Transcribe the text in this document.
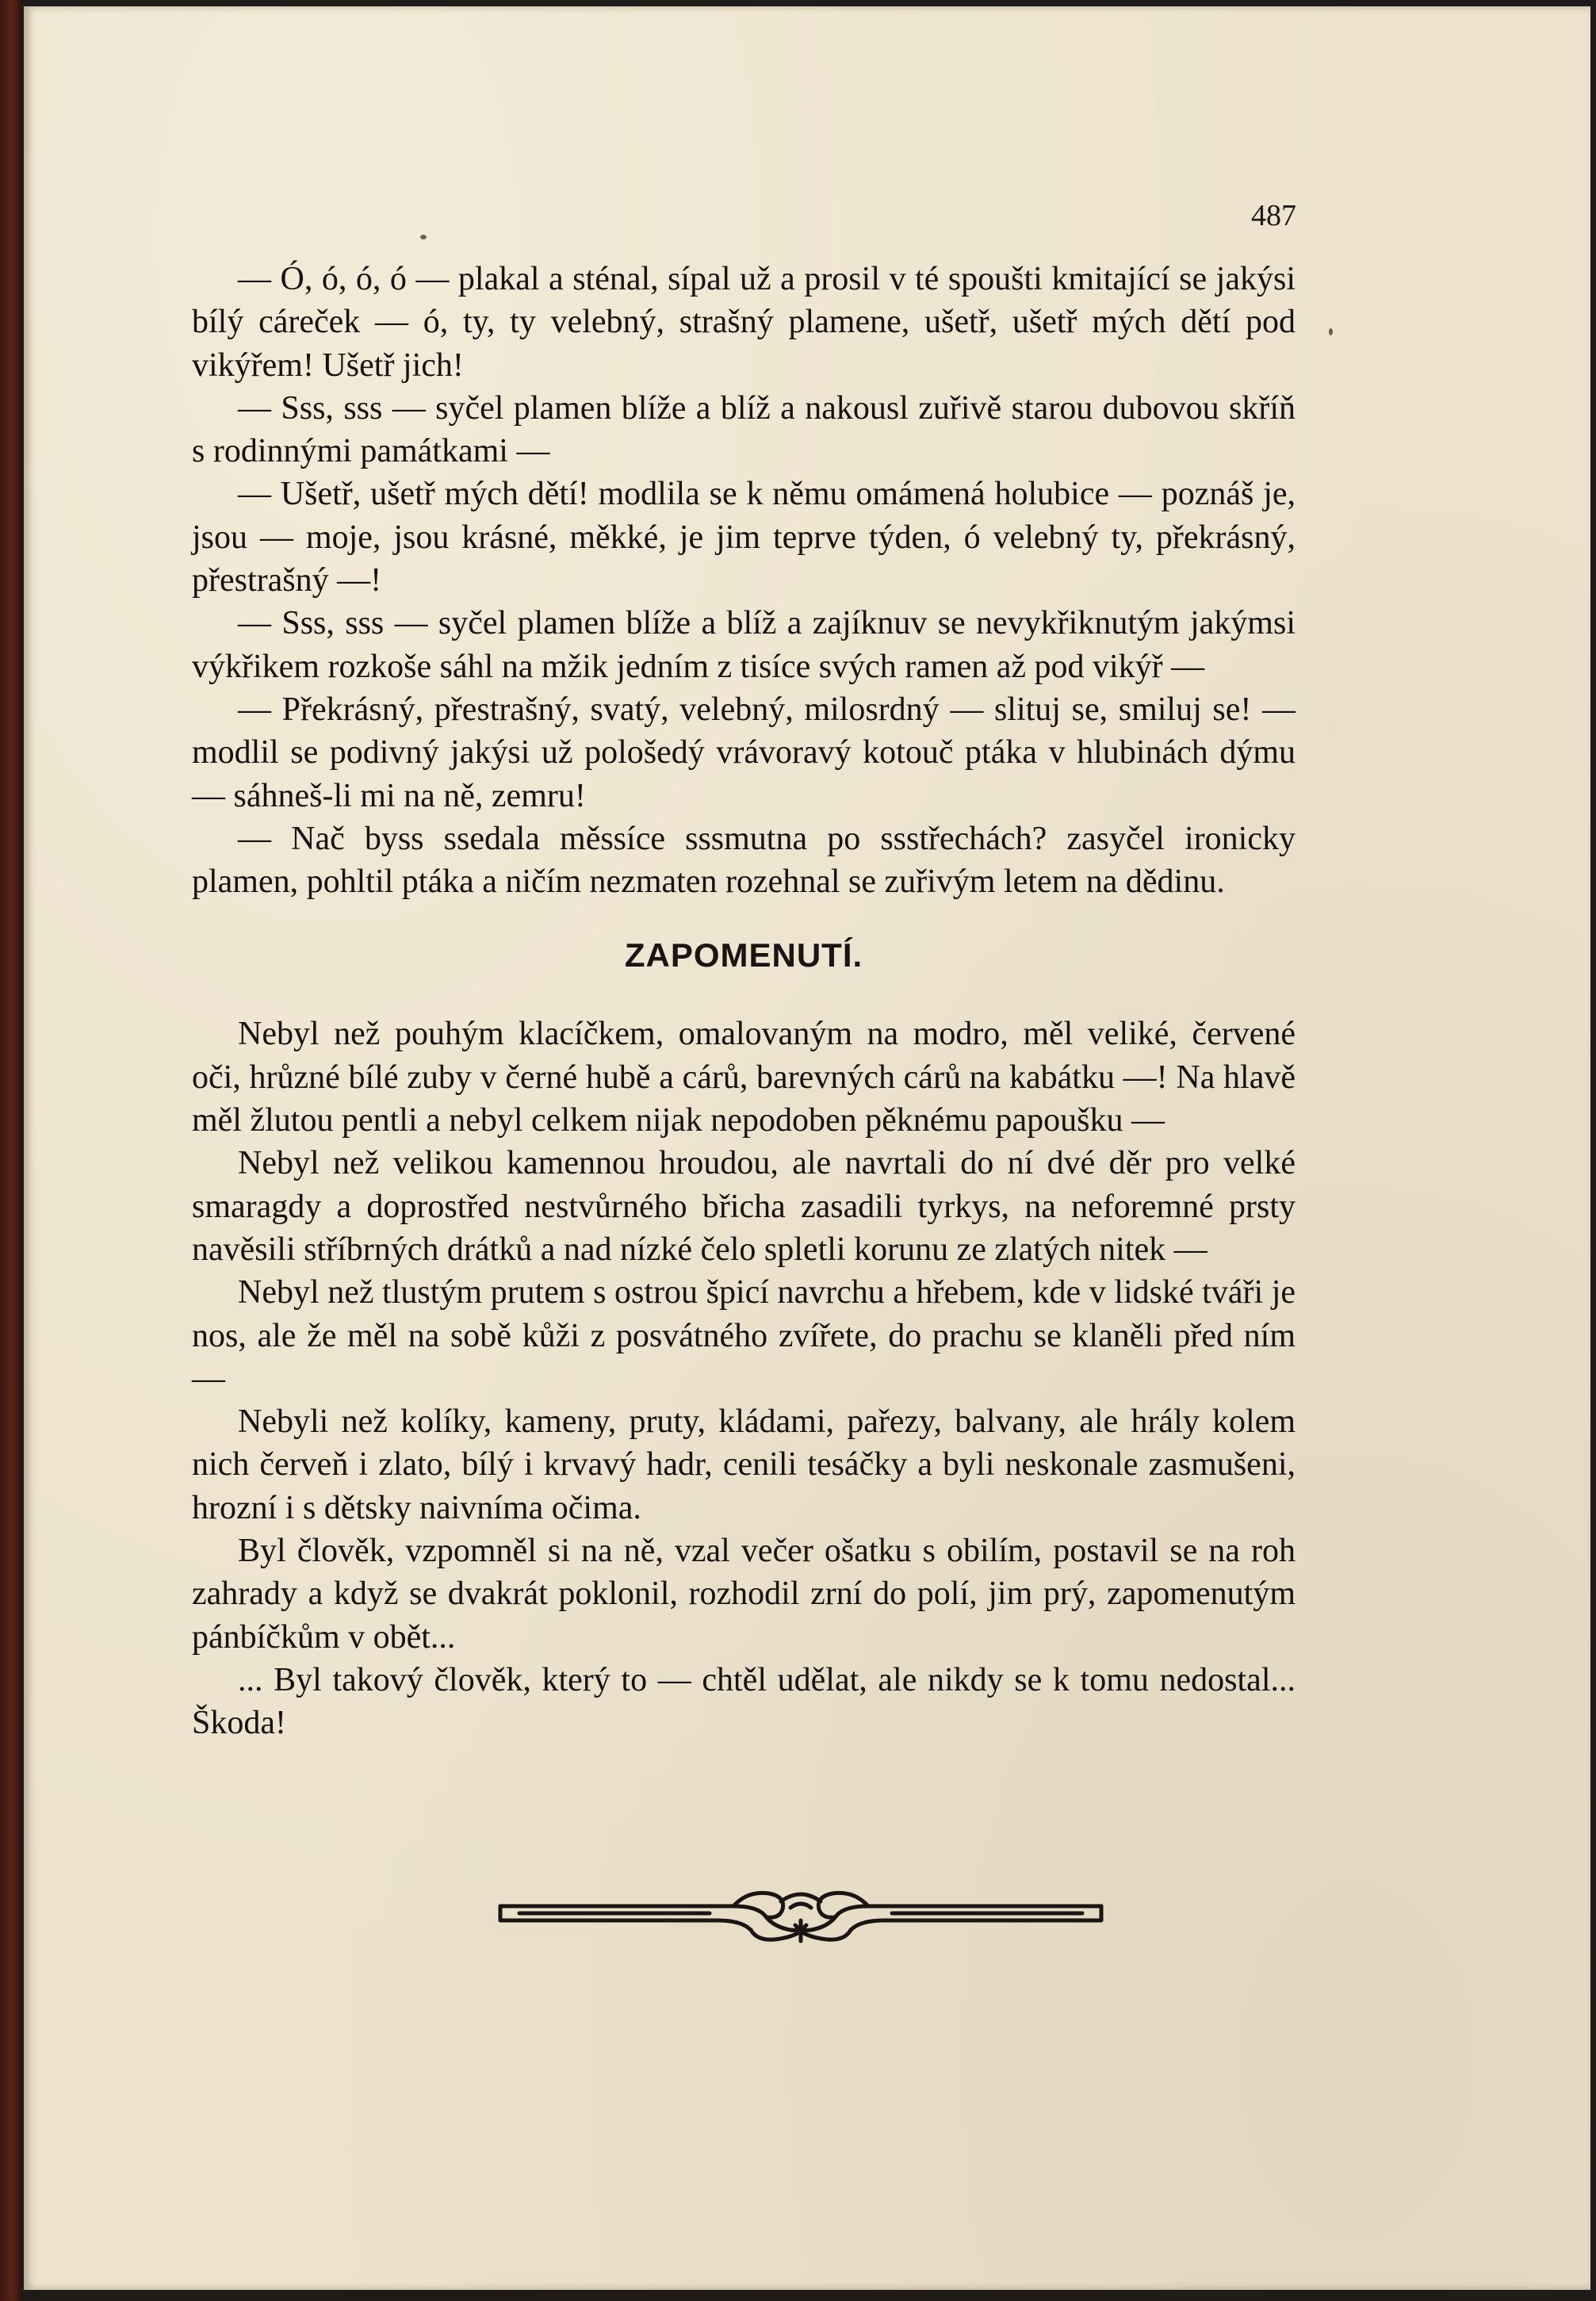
487

— Ó, ó, ó, ó — plakal a sténal, sípal už a prosil v té spoušti kmitající se jakýsi bílý cáreček — ó, ty, ty velebný, strašný plamene, ušetř, ušetř mých dětí pod vikýřem! Ušetř jich!

— Sss, sss — syčel plamen blíže a blíž a nakousl zuřivě starou dubovou skříň s rodinnými památkami —

— Ušetř, ušetř mých dětí! modlila se k němu omámená holubice — poznáš je, jsou — moje, jsou krásné, měkké, je jim teprve týden, ó velebný ty, překrásný, přestrašný —!

— Sss, sss — syčel plamen blíže a blíž a zajíknuv se nevykřiknutým jakýmsi výkřikem rozkoše sáhl na mžik jedním z tisíce svých ramen až pod vikýř —

— Překrásný, přestrašný, svatý, velebný, milosrdný — slituj se, smiluj se! — modlil se podivný jakýsi už pološedý vrávoravý kotouč ptáka v hlubinách dýmu — sáhneš-li mi na ně, zemru!

— Nač byss ssedala měssíce sssmutna po ssstřechách? zasyčel ironicky plamen, pohltil ptáka a ničím nezmaten rozehnal se zuřivým letem na dědinu.

ZAPOMENUTÍ.

Nebyl než pouhým klacíčkem, omalovaným na modro, měl veliké, červené oči, hrůzné bílé zuby v černé hubě a cárů, barevných cárů na kabátku —! Na hlavě měl žlutou pentli a nebyl celkem nijak nepodoben pěknému papoušku —

Nebyl než velikou kamennou hroudou, ale navrtali do ní dvé děr pro velké smaragdy a doprostřed nestvůrného břicha zasadili tyrkys, na neforemné prsty navěsili stříbrných drátků a nad nízké čelo spletli korunu ze zlatých nitek —

Nebyl než tlustým prutem s ostrou špicí navrchu a hřebem, kde v lidské tváři je nos, ale že měl na sobě kůži z posvátného zvířete, do prachu se klaněli před ním —

Nebyli než kolíky, kameny, pruty, kládami, pařezy, balvany, ale hrály kolem nich červeň i zlato, bílý i krvavý hadr, cenili tesáčky a byli neskonale zasmušeni, hrozní i s dětsky naivníma očima.

Byl člověk, vzpomněl si na ně, vzal večer ošatku s obilím, postavil se na roh zahrady a když se dvakrát poklonil, rozhodil zrní do polí, jim prý, zapomenutým pánbíčkům v obět...

... Byl takový člověk, který to — chtěl udělat, ale nikdy se k tomu nedostal... Škoda!
